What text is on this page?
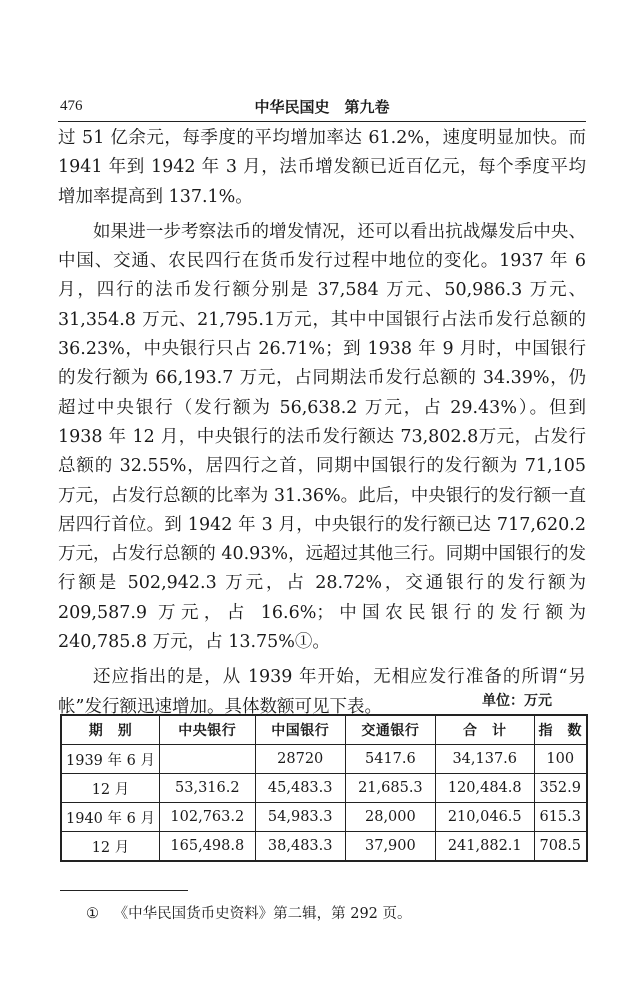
476	中华民国史　第九卷

过 51 亿余元，每季度的平均增加率达 61.2%，速度明显加快。而 1941 年到 1942 年 3 月，法币增发额已近百亿元，每个季度平均增加率提高到 137.1%。

如果进一步考察法币的增发情况，还可以看出抗战爆发后中央、中国、交通、农民四行在货币发行过程中地位的变化。1937 年 6 月，四行的法币发行额分别是 37,584 万元、50,986.3 万元、31,354.8 万元、21,795.1万元，其中中国银行占法币发行总额的 36.23%，中央银行只占 26.71%；到 1938 年 9 月时，中国银行的发行额为 66,193.7 万元，占同期法币发行总额的 34.39%，仍超过中央银行（发行额为 56,638.2 万元，占 29.43%）。但到 1938 年 12 月，中央银行的法币发行额达 73,802.8万元，占发行总额的 32.55%，居四行之首，同期中国银行的发行额为 71,105 万元，占发行总额的比率为 31.36%。此后，中央银行的发行额一直居四行首位。到 1942 年 3 月，中央银行的发行额已达 717,620.2 万元，占发行总额的 40.93%，远超过其他三行。同期中国银行的发行额是 502,942.3 万元，占 28.72%，交通银行的发行额为 209,587.9 万元，占 16.6%；中国农民银行的发行额为 240,785.8 万元，占 13.75%①。

还应指出的是，从 1939 年开始，无相应发行准备的所谓“另帐”发行额迅速增加。具体数额可见下表。	单位：万元
期　别	中央银行	中国银行	交通银行	合　计	指　数
1939 年 6 月		28720	5417.6	34,137.6	100
12 月	53,316.2	45,483.3	21,685.3	120,484.8	352.9
1940 年 6 月	102,763.2	54,983.3	28,000	210,046.5	615.3
12 月	165,498.8	38,483.3	37,900	241,882.1	708.5
① 《中华民国货币史资料》第二辑，第 292 页。
